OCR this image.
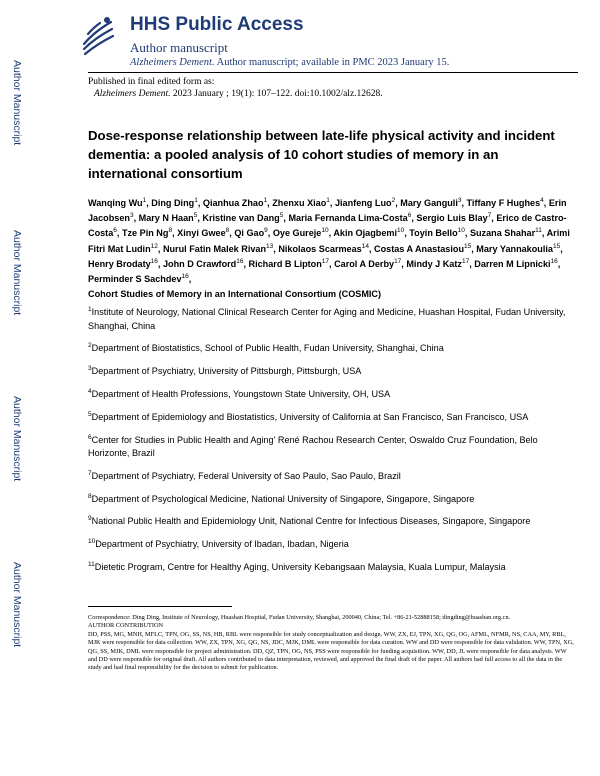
Author Manuscript
Author Manuscript
Author Manuscript
Author Manuscript
HHS Public Access
Author manuscript
Alzheimers Dement. Author manuscript; available in PMC 2023 January 15.
Published in final edited form as:
Alzheimers Dement. 2023 January ; 19(1): 107–122. doi:10.1002/alz.12628.
Dose-response relationship between late-life physical activity and incident dementia: a pooled analysis of 10 cohort studies of memory in an international consortium
Wanqing Wu$^1$, Ding Ding$^1$, Qianhua Zhao$^1$, Zhenxu Xiao$^1$, Jianfeng Luo$^2$, Mary Ganguli$^3$, Tiffany F Hughes$^4$, Erin Jacobsen$^3$, Mary N Haan$^5$, Kristine van Dang$^5$, Maria Fernanda Lima-Costa$^6$, Sergio Luis Blay$^7$, Erico de Castro-Costa$^6$, Tze Pin Ng$^8$, Xinyi Gwee$^8$, Qi Gao$^9$, Oye Gureje$^{10}$, Akin Ojagbemi$^{10}$, Toyin Bello$^{10}$, Suzana Shahar$^{11}$, Arimi Fitri Mat Ludin$^{12}$, Nurul Fatin Malek Rivan$^{13}$, Nikolaos Scarmeas$^{14}$, Costas A Anastasiou$^{15}$, Mary Yannakoulia$^{15}$, Henry Brodaty$^{16}$, John D Crawford$^{16}$, Richard B Lipton$^{17}$, Carol A Derby$^{17}$, Mindy J Katz$^{17}$, Darren M Lipnicki$^{16}$, Perminder S Sachdev$^{16}$,
Cohort Studies of Memory in an International Consortium (COSMIC)
$^1$Institute of Neurology, National Clinical Research Center for Aging and Medicine, Huashan Hospital, Fudan University, Shanghai, China
$^2$Department of Biostatistics, School of Public Health, Fudan University, Shanghai, China
$^3$Department of Psychiatry, University of Pittsburgh, Pittsburgh, USA
$^4$Department of Health Professions, Youngstown State University, OH, USA
$^5$Department of Epidemiology and Biostatistics, University of California at San Francisco, San Francisco, USA
$^6$Center for Studies in Public Health and Aging' René Rachou Research Center, Oswaldo Cruz Foundation, Belo Horizonte, Brazil
$^7$Department of Psychiatry, Federal University of Sao Paulo, Sao Paulo, Brazil
$^8$Department of Psychological Medicine, National University of Singapore, Singapore, Singapore
$^9$National Public Health and Epidemiology Unit, National Centre for Infectious Diseases, Singapore, Singapore
$^{10}$Department of Psychiatry, University of Ibadan, Ibadan, Nigeria
$^{11}$Dietetic Program, Centre for Healthy Aging, University Kebangsaan Malaysia, Kuala Lumpur, Malaysia

Correspondence: Ding Ding, Institute of Neurology, Huashan Hospital, Fudan University, Shanghai, 200040, China; Tel. +86-21-52888158; dingding@huashan.org.cn.

AUTHOR CONTRIBUTION

DD, PSS, MG, MNH, MFLC, TPN, OG, SS, NS, HB, RBL were responsible for study conceptualization and design. WW, ZX, EJ, TPN, XG, QG, OG, AFML, NFMR, NS, CAA, MY, RBL, MJK were responsible for data collection. WW, ZX, TPN, XG, QG, NS, JDC, MJK, DML were responsible for data curation. WW and DD were responsible for data validation. WW, TPN, XG, QG, SS, MJK, DML were responsible for project administration. DD, QZ, TPN, OG, NS, PSS were responsible for funding acquisition. WW, DD, JL were responsible for data analysis. WW and DD were responsible for original draft. All authors contributed to data interpretation, reviewed, and approved the final draft of the paper. All authors had full access to all the data in the study and had final responsibility for the decision to submit for publication.
